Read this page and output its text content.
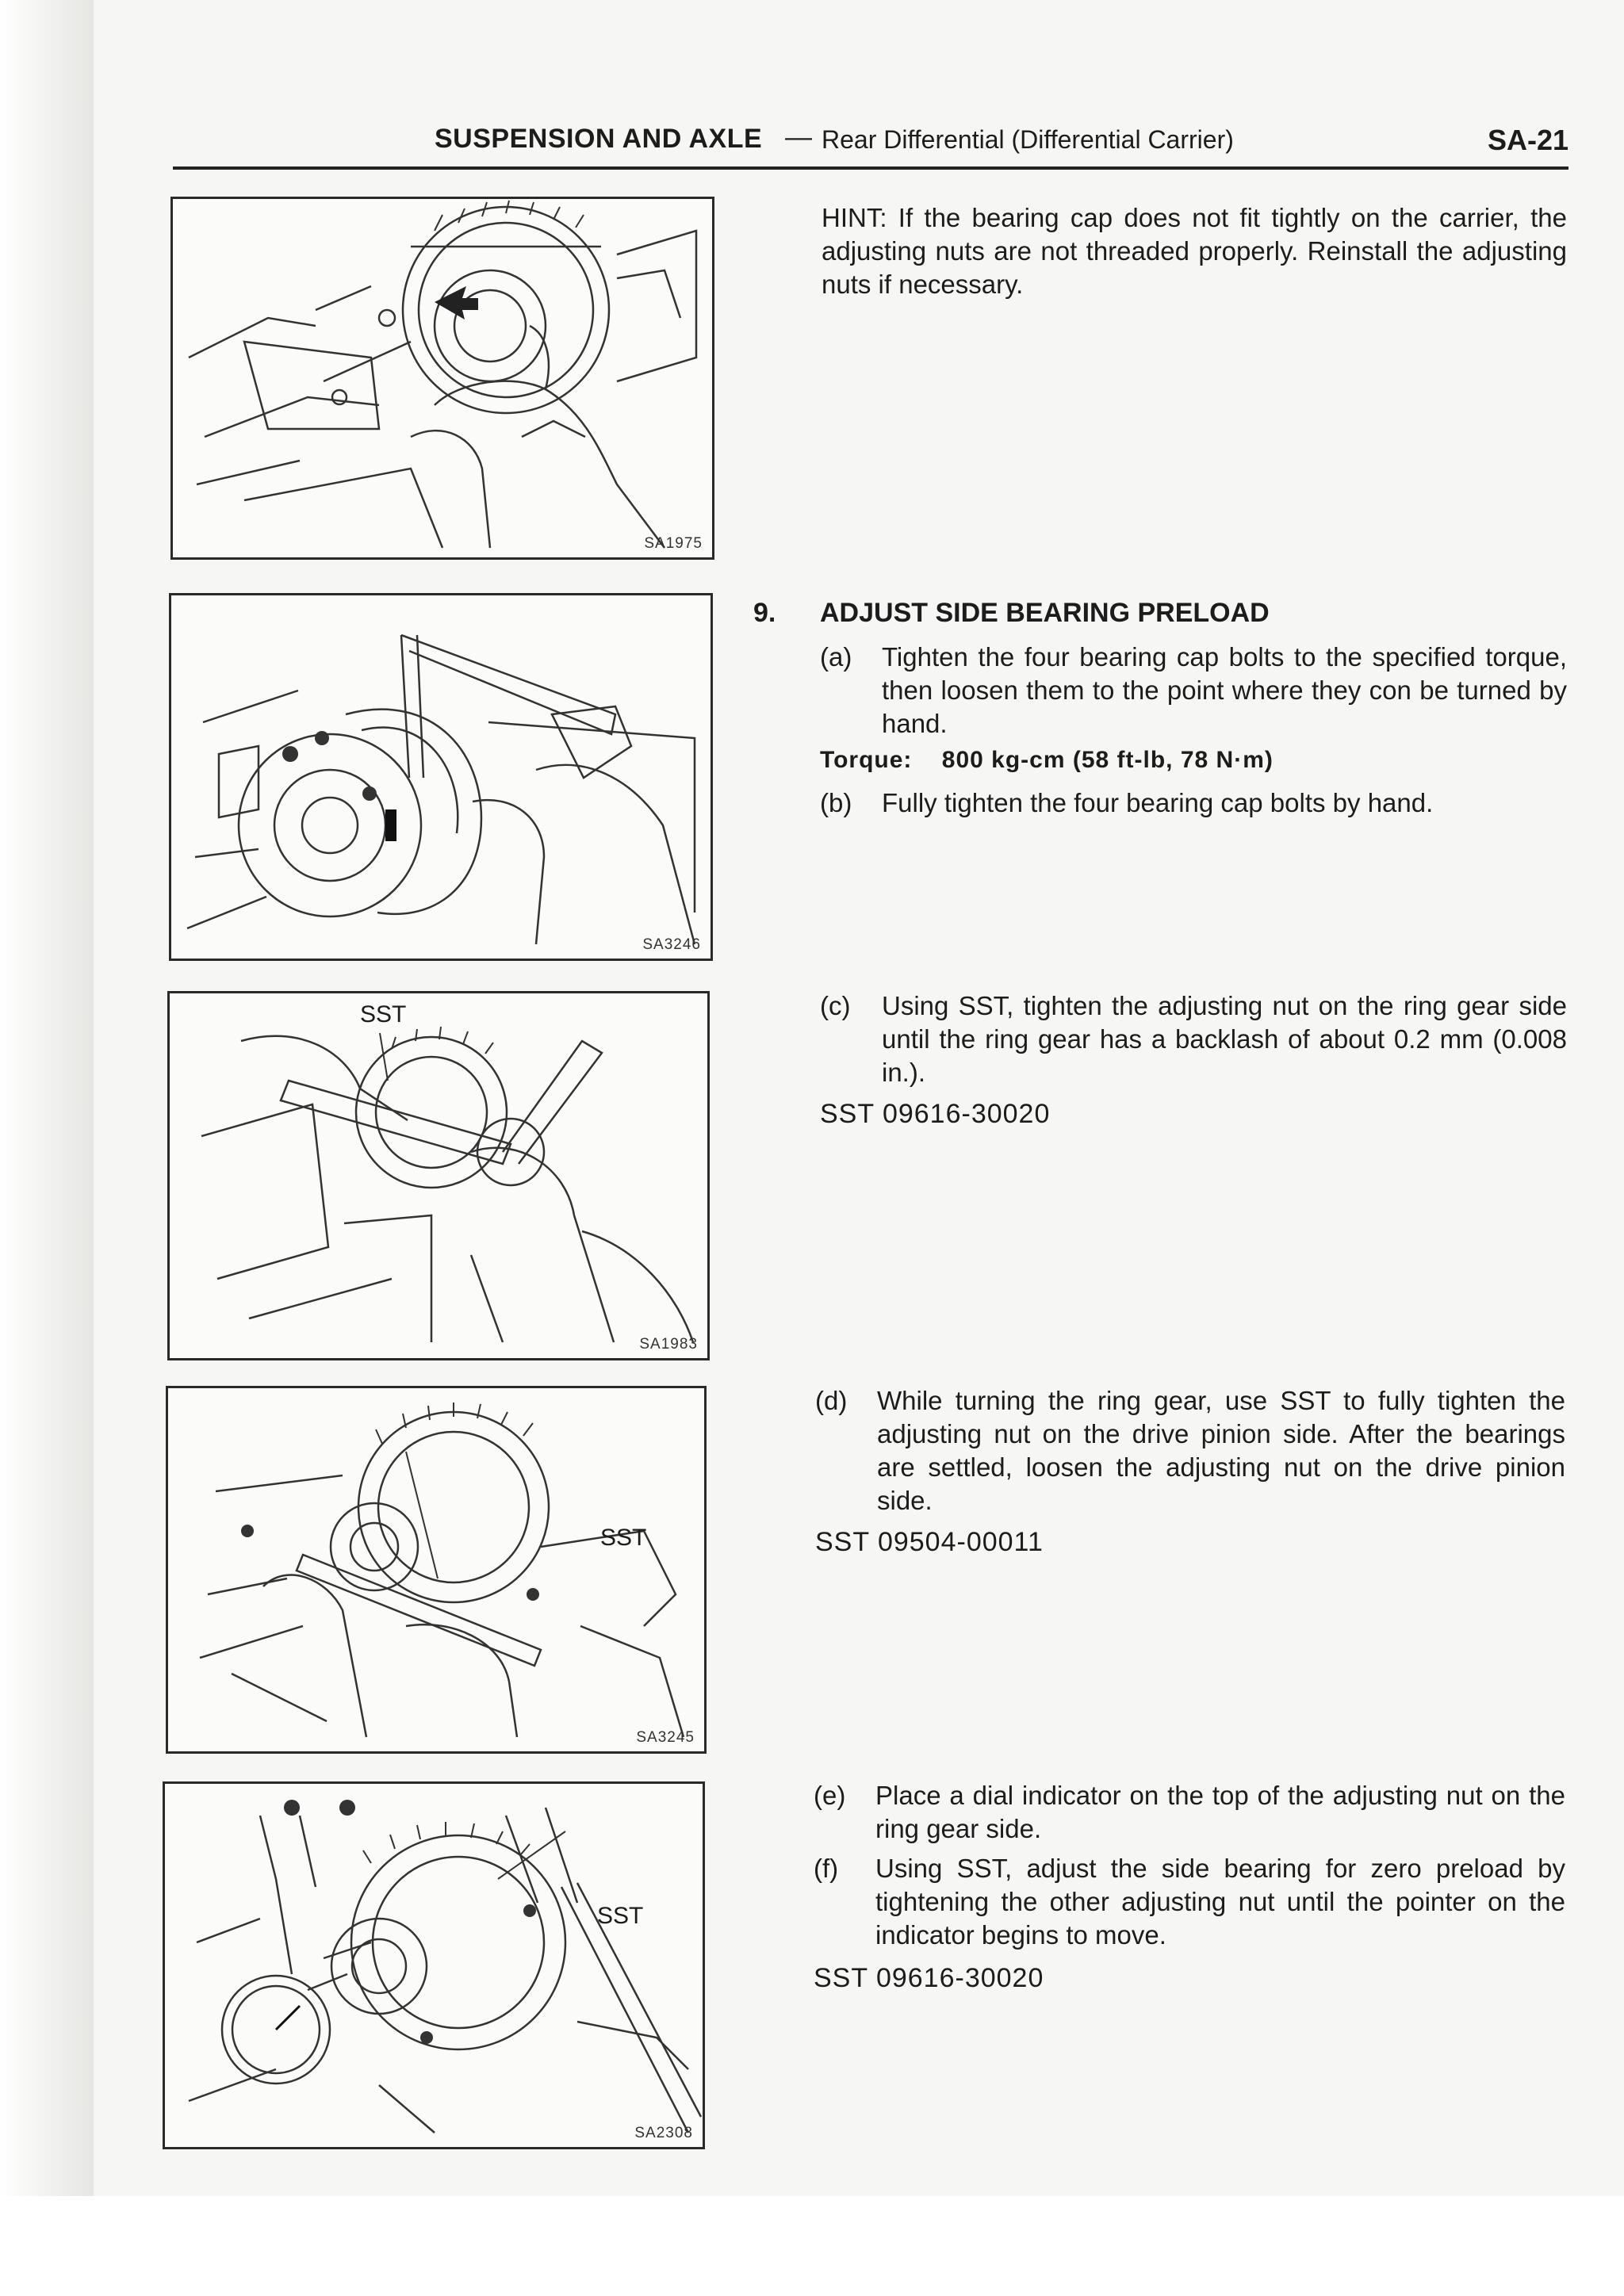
SUSPENSION AND AXLE — Rear Differential (Differential Carrier)	SA-21
SA1975
HINT: If the bearing cap does not fit tightly on the carrier, the adjusting nuts are not threaded properly. Reinstall the adjusting nuts if necessary.
SA3246
9. ADJUST SIDE BEARING PRELOAD
(a) Tighten the four bearing cap bolts to the specified torque, then loosen them to the point where they con be turned by hand.
Torque:    800 kg-cm (58 ft-lb, 78 N·m)
(b) Fully tighten the four bearing cap bolts by hand.
SST
SA1983
(c) Using SST, tighten the adjusting nut on the ring gear side until the ring gear has a backlash of about 0.2 mm (0.008 in.).
SST 09616-30020
SST
SA3245
(d) While turning the ring gear, use SST to fully tighten the adjusting nut on the drive pinion side. After the bearings are settled, loosen the adjusting nut on the drive pinion side.
SST 09504-00011
SST
SA2308
(e) Place a dial indicator on the top of the adjusting nut on the ring gear side.
(f) Using SST, adjust the side bearing for zero preload by tightening the other adjusting nut until the pointer on the indicator begins to move.
SST 09616-30020
